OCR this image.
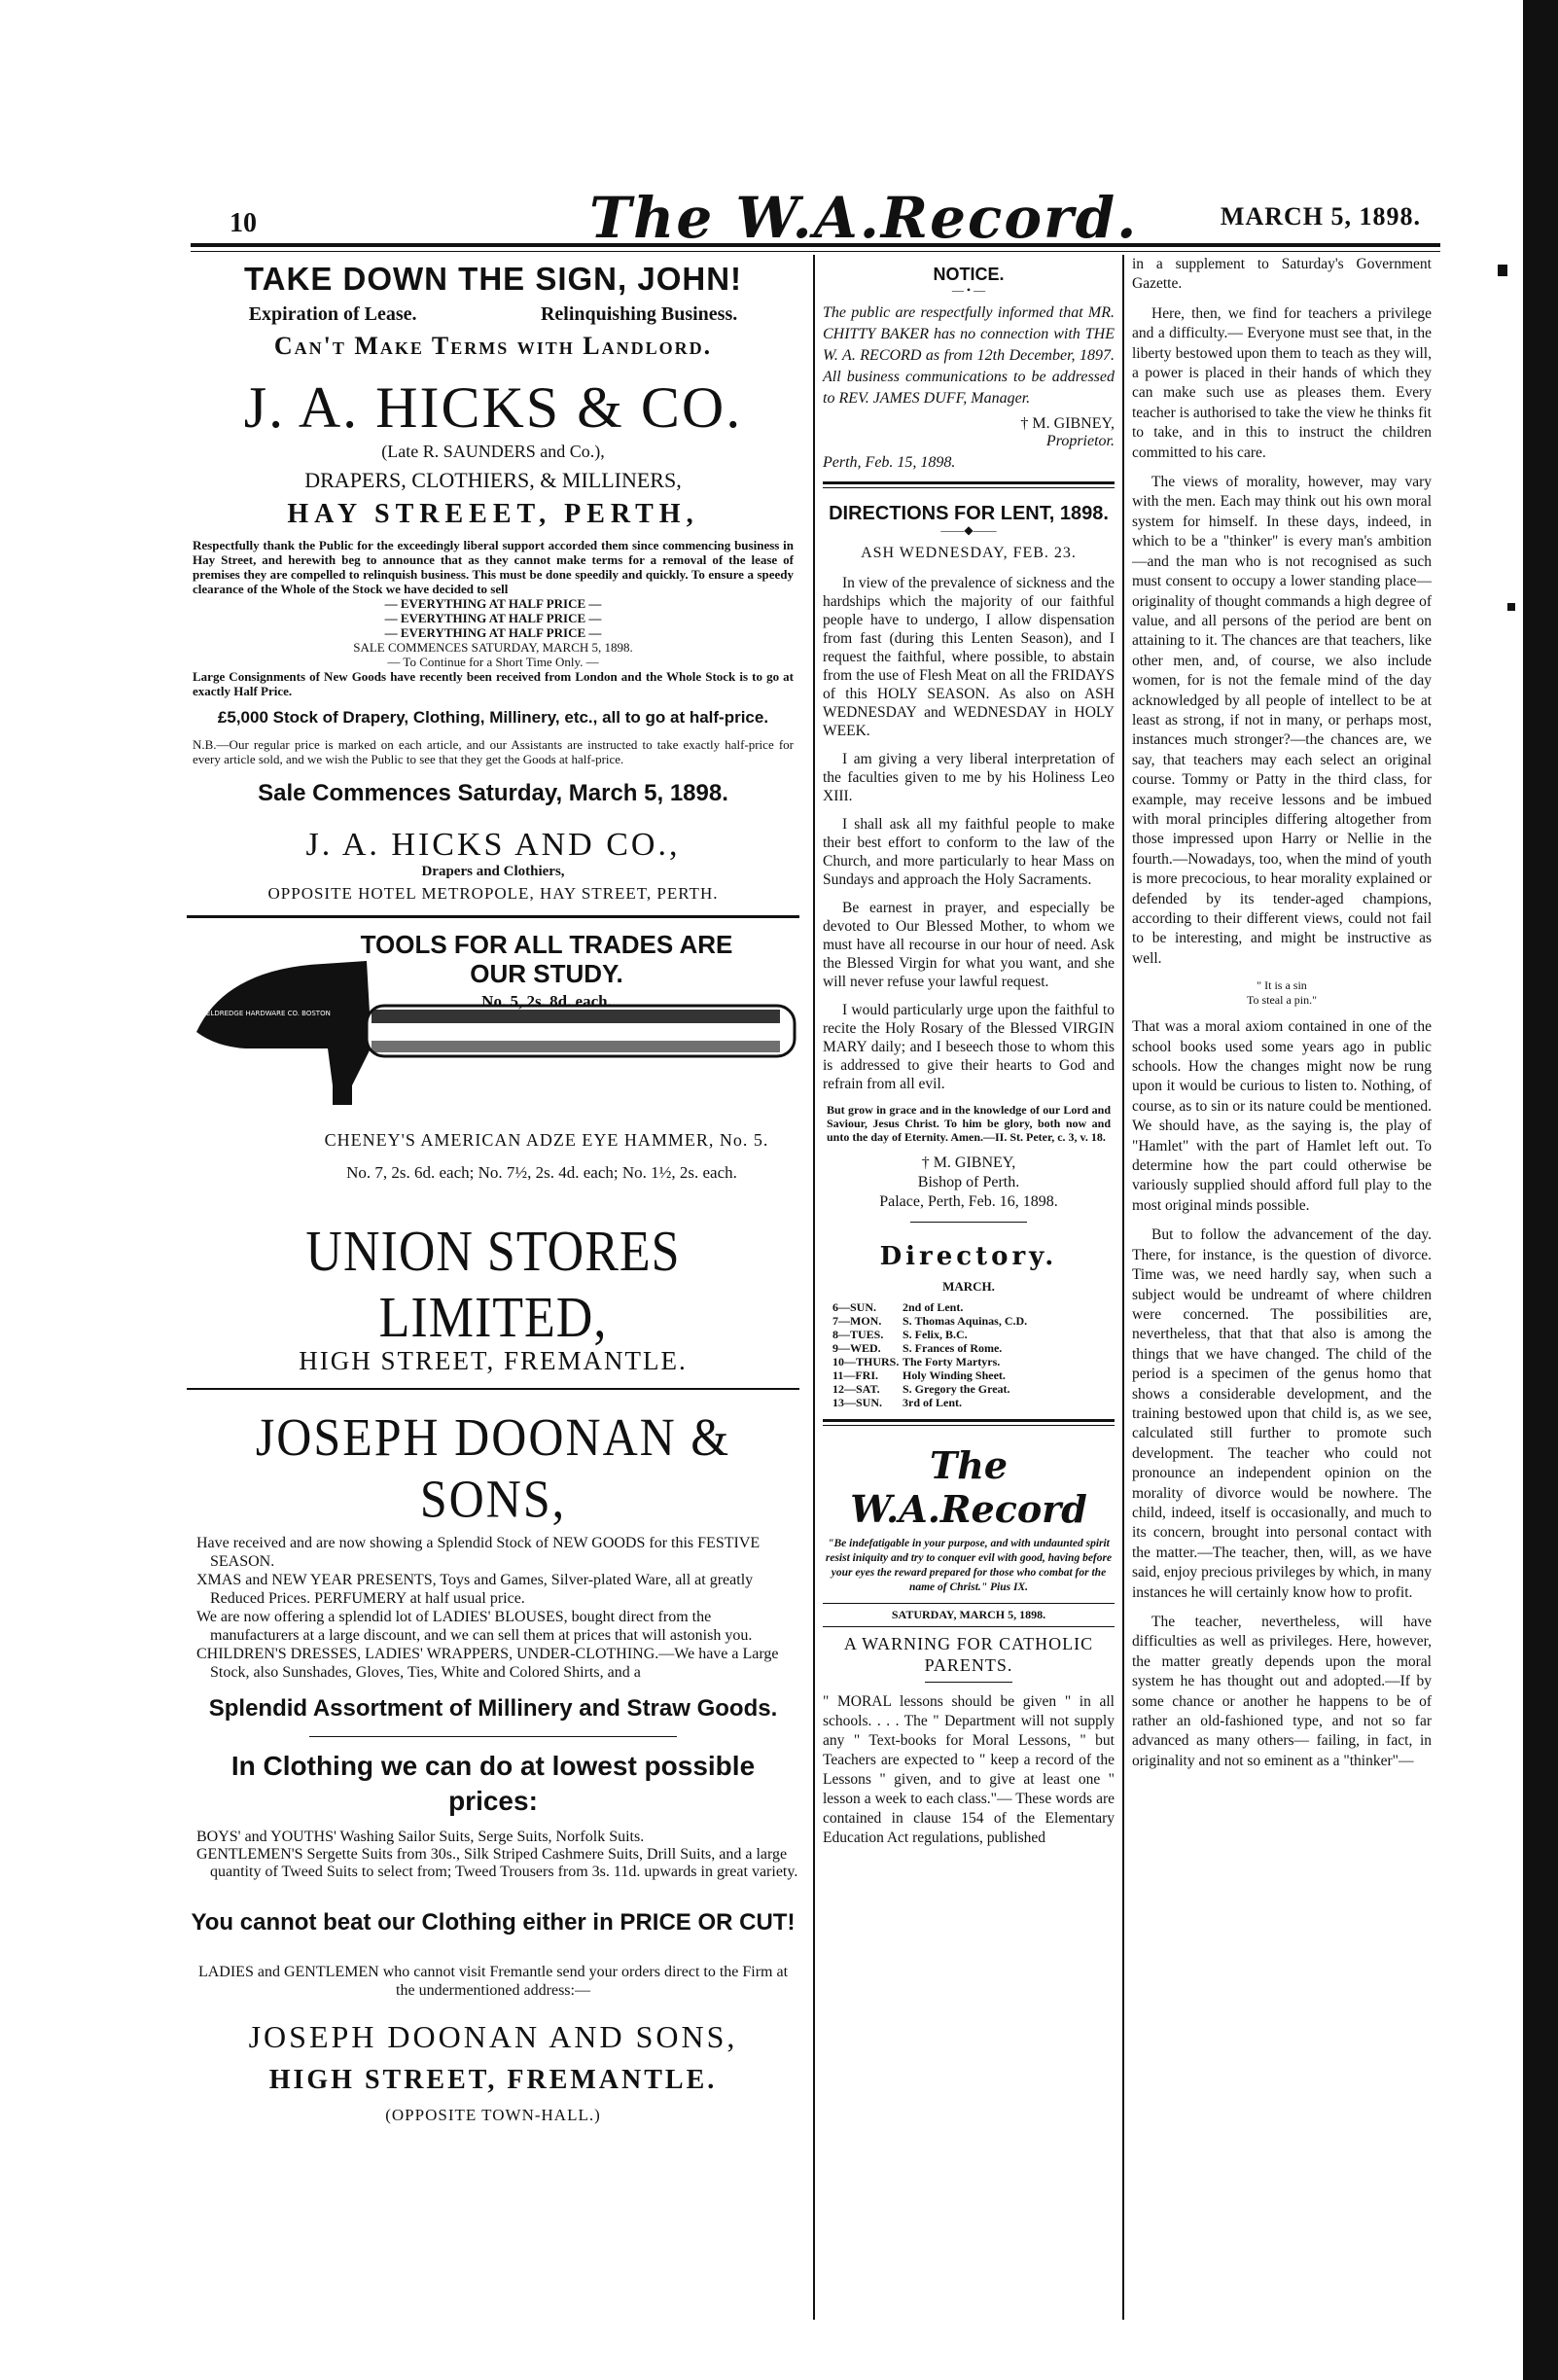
10	The W.A.Record.	MARCH 5, 1898.
TAKE DOWN THE SIGN, JOHN!
Expiration of Lease.	Relinquishing Business.
Can't Make Terms with Landlord.
J. A. HICKS & CO.
(Late R. SAUNDERS and Co.),
DRAPERS, CLOTHIERS, & MILLINERS,
HAY STREEET, PERTH,
Respectfully thank the Public for the exceedingly liberal support accorded them since commencing business in Hay Street, and herewith beg to announce that as they cannot make terms for a removal of the lease of premises they are compelled to relinquish business. This must be done speedily and quickly. To ensure a speedy clearance of the Whole of the Stock we have decided to sell
— EVERYTHING AT HALF PRICE —
— EVERYTHING AT HALF PRICE —
— EVERYTHING AT HALF PRICE —
SALE COMMENCES SATURDAY, MARCH 5, 1898.
— To Continue for a Short Time Only. —
Large Consignments of New Goods have recently been received from London and the Whole Stock is to go at exactly Half Price.
£5,000 Stock of Drapery, Clothing, Millinery, etc., all to go at half-price.
N.B.—Our regular price is marked on each article, and our Assistants are instructed to take exactly half-price for every article sold, and we wish the Public to see that they get the Goods at half-price.
Sale Commences Saturday, March 5, 1898.
J. A. HICKS AND CO.,
Drapers and Clothiers,
OPPOSITE HOTEL METROPOLE, HAY STREET, PERTH.
ELDREDGE HARDWARE CO. BOSTON
TOOLS FOR ALL TRADES ARE OUR STUDY.
No. 5, 2s. 8d. each.
CHENEY'S AMERICAN ADZE EYE HAMMER, No. 5.
No. 7, 2s. 6d. each; No. 7½, 2s. 4d. each; No. 1½, 2s. each.
UNION STORES LIMITED,
HIGH STREET, FREMANTLE.
JOSEPH DOONAN & SONS,
Have received and are now showing a Splendid Stock of NEW GOODS for this FESTIVE SEASON.
XMAS and NEW YEAR PRESENTS, Toys and Games, Silver-plated Ware, all at greatly Reduced Prices. PERFUMERY at half usual price.
We are now offering a splendid lot of LADIES' BLOUSES, bought direct from the manufacturers at a large discount, and we can sell them at prices that will astonish you.
CHILDREN'S DRESSES, LADIES' WRAPPERS, UNDER-CLOTHING.—We have a Large Stock, also Sunshades, Gloves, Ties, White and Colored Shirts, and a
Splendid Assortment of Millinery and Straw Goods.
In Clothing we can do at lowest possible prices:
BOYS' and YOUTHS' Washing Sailor Suits, Serge Suits, Norfolk Suits.
GENTLEMEN'S Sergette Suits from 30s., Silk Striped Cashmere Suits, Drill Suits, and a large quantity of Tweed Suits to select from; Tweed Trousers from 3s. 11d. upwards in great variety.
You cannot beat our Clothing either in PRICE OR CUT!
LADIES and GENTLEMEN who cannot visit Fremantle send your orders direct to the Firm at the undermentioned address:—
JOSEPH DOONAN AND SONS,
HIGH STREET, FREMANTLE.
(OPPOSITE TOWN-HALL.)
NOTICE.
— • —
The public are respectfully informed that MR. CHITTY BAKER has no connection with THE W. A. RECORD as from 12th December, 1897. All business communications to be addressed to REV. JAMES DUFF, Manager.
† M. GIBNEY,
Proprietor.
Perth, Feb. 15, 1898.
DIRECTIONS FOR LENT, 1898.
——◆——
ASH WEDNESDAY, FEB. 23.

In view of the prevalence of sickness and the hardships which the majority of our faithful people have to undergo, I allow dispensation from fast (during this Lenten Season), and I request the faithful, where possible, to abstain from the use of Flesh Meat on all the FRIDAYS of this HOLY SEASON. As also on ASH WEDNESDAY and WEDNESDAY in HOLY WEEK.

I am giving a very liberal interpretation of the faculties given to me by his Holiness Leo XIII.

I shall ask all my faithful people to make their best effort to conform to the law of the Church, and more particularly to hear Mass on Sundays and approach the Holy Sacraments.

Be earnest in prayer, and especially be devoted to Our Blessed Mother, to whom we must have all recourse in our hour of need. Ask the Blessed Virgin for what you want, and she will never refuse your lawful request.

I would particularly urge upon the faithful to recite the Holy Rosary of the Blessed VIRGIN MARY daily; and I beseech those to whom this is addressed to give their hearts to God and refrain from all evil.

But grow in grace and in the knowledge of our Lord and Saviour, Jesus Christ. To him be glory, both now and unto the day of Eternity. Amen.—II. St. Peter, c. 3, v. 18.
† M. GIBNEY,
Bishop of Perth.
Palace, Perth, Feb. 16, 1898.
Directory.
MARCH.
6—SUN.	2nd of Lent.
7—MON.	S. Thomas Aquinas, C.D.
8—TUES.	S. Felix, B.C.
9—WED.	S. Frances of Rome.
10—THURS. The Forty Martyrs.
11—FRI.	Holy Winding Sheet.
12—SAT.	S. Gregory the Great.
13—SUN.	3rd of Lent.
The W.A.Record
"Be indefatigable in your purpose, and with undaunted spirit resist iniquity and try to conquer evil with good, having before your eyes the reward prepared for those who combat for the name of Christ." Pius IX.
SATURDAY, MARCH 5, 1898.
A WARNING FOR CATHOLIC PARENTS.
" MORAL lessons should be given " in all schools. . . . The " Department will not supply any " Text-books for Moral Lessons, " but Teachers are expected to " keep a record of the Lessons " given, and to give at least one " lesson a week to each class."— These words are contained in clause 154 of the Elementary Education Act regulations, published

in a supplement to Saturday's Government Gazette.

Here, then, we find for teachers a privilege and a difficulty.— Everyone must see that, in the liberty bestowed upon them to teach as they will, a power is placed in their hands of which they can make such use as pleases them. Every teacher is authorised to take the view he thinks fit to take, and in this to instruct the children committed to his care.

The views of morality, however, may vary with the men. Each may think out his own moral system for himself. In these days, indeed, in which to be a "thinker" is every man's ambition—and the man who is not recognised as such must consent to occupy a lower standing place—originality of thought commands a high degree of value, and all persons of the period are bent on attaining to it. The chances are that teachers, like other men, and, of course, we also include women, for is not the female mind of the day acknowledged by all people of intellect to be at least as strong, if not in many, or perhaps most, instances much stronger?—the chances are, we say, that teachers may each select an original course. Tommy or Patty in the third class, for example, may receive lessons and be imbued with moral principles differing altogether from those impressed upon Harry or Nellie in the fourth.—Nowadays, too, when the mind of youth is more precocious, to hear morality explained or defended by its tender-aged champions, according to their different views, could not fail to be interesting, and might be instructive as well.

" It is a sin
To steal a pin."

That was a moral axiom contained in one of the school books used some years ago in public schools. How the changes might now be rung upon it would be curious to listen to. Nothing, of course, as to sin or its nature could be mentioned. We should have, as the saying is, the play of "Hamlet" with the part of Hamlet left out. To determine how the part could otherwise be variously supplied should afford full play to the most original minds possible.

But to follow the advancement of the day. There, for instance, is the question of divorce. Time was, we need hardly say, when such a subject would be undreamt of where children were concerned. The possibilities are, nevertheless, that that that also is among the things that we have changed. The child of the period is a specimen of the genus homo that shows a considerable development, and the training bestowed upon that child is, as we see, calculated still further to promote such development. The teacher who could not pronounce an independent opinion on the morality of divorce would be nowhere. The child, indeed, itself is occasionally, and much to its concern, brought into personal contact with the matter.—The teacher, then, will, as we have said, enjoy precious privileges by which, in many instances he will certainly know how to profit.

The teacher, nevertheless, will have difficulties as well as privileges. Here, however, the matter greatly depends upon the moral system he has thought out and adopted.—If by some chance or another he happens to be of rather an old-fashioned type, and not so far advanced as many others— failing, in fact, in originality and not so eminent as a "thinker"—
